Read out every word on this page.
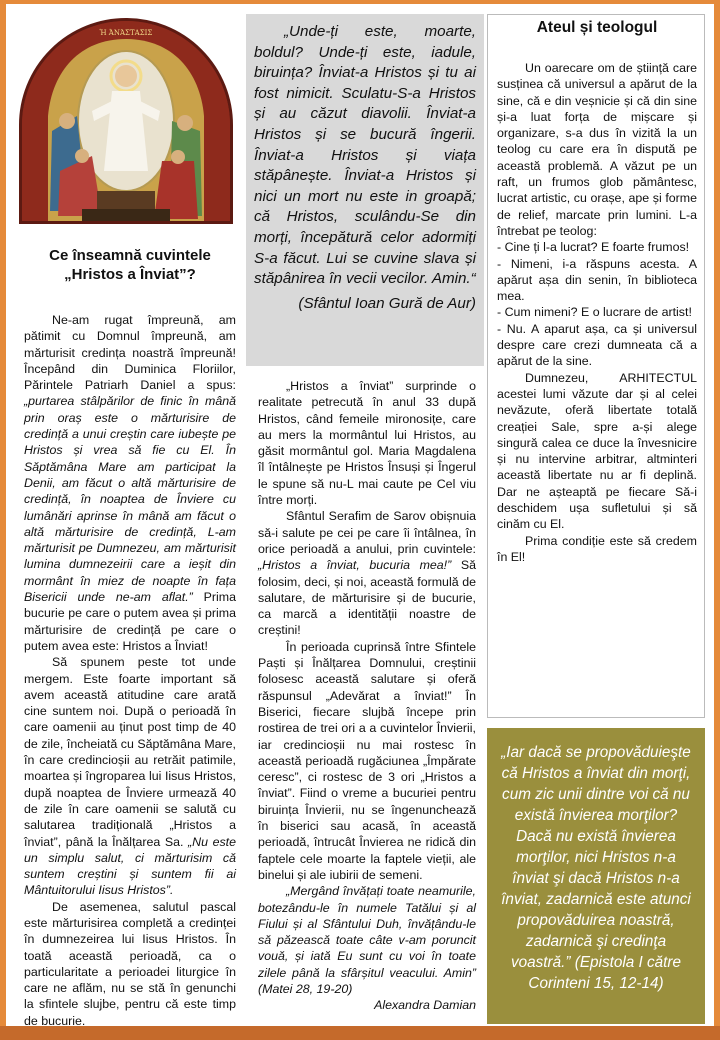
Ἡ ἈΝΆΣΤΑΣΙΣ
Ce înseamnă cuvintele
„Hristos a Înviat”?

Ne-am rugat împreună, am pătimit cu Domnul împreună, am mărturisit credința noastră împreună! Începând din Duminica Floriilor, Părintele Patriarh Daniel a spus: „purtarea stâlpărilor de finic în mână prin oraș este o mărturisire de credință a unui creștin care iubește pe Hristos și vrea să fie cu El. În Săptămâna Mare am participat la Denii, am făcut o altă mărturisire de credință, în noaptea de Înviere cu lumânări aprinse în mână am făcut o altă mărturisire de credință, L-am mărturisit pe Dumnezeu, am mărturisit lumina dumnezeirii care a ieșit din mormânt în miez de noapte în fața Bisericii unde ne-am aflat.” Prima bucurie pe care o putem avea și prima mărturisire de credință pe care o putem avea este: Hristos a Înviat!

Să spunem peste tot unde mergem. Este foarte important să avem această atitudine care arată cine suntem noi. După o perioadă în care oamenii au ținut post timp de 40 de zile, încheiată cu Săptămâna Mare, în care credincioșii au retrăit patimile, moartea și îngroparea lui Iisus Hristos, după noaptea de Înviere urmează 40 de zile în care oamenii se salută cu salutarea tradițională „Hristos a înviat”, până la Înălțarea Sa. „Nu este un simplu salut, ci mărturisim că suntem creștini și suntem fii ai Mântuitorului Iisus Hristos”.

De asemenea, salutul pascal este mărturisirea completă a credinței în dumnezeirea lui Iisus Hristos. În toată această perioadă, ca o particularitate a perioadei liturgice în care ne aflăm, nu se stă în genunchi la sfintele slujbe, pentru că este timp de bucurie.

„Unde-ți este, moarte, boldul? Unde-ți este, iadule, biruința? Înviat-a Hristos și tu ai fost nimicit. Sculatu-S-a Hristos și au căzut diavolii. Înviat-a Hristos și se bucură îngerii. Înviat-a Hristos și viața stăpânește. Înviat-a Hristos și nici un mort nu este in groapă; că Hristos, sculându-Se din morți, începătură celor adormiți S-a făcut. Lui se cuvine slava și stăpânirea în vecii vecilor. Amin.“

(Sfântul Ioan Gură de Aur)

„Hristos a înviat” surprinde o realitate petrecută în anul 33 după Hristos, când femeile mironosițe, care au mers la mormântul lui Hristos, au găsit mormântul gol. Maria Magdalena îl întâlnește pe Hristos Însuși și Îngerul le spune să nu-L mai caute pe Cel viu între morți.

Sfântul Serafim de Sarov obișnuia să-i salute pe cei pe care îi întâlnea, în orice perioadă a anului, prin cuvintele: „Hristos a înviat, bucuria mea!” Să folosim, deci, și noi, această formulă de salutare, de mărturisire și de bucurie, ca marcă a identității noastre de creștini!

În perioada cuprinsă între Sfintele Paști și Înălțarea Domnului, creștinii folosesc această salutare și oferă răspunsul „Adevărat a înviat!” În Biserici, fiecare slujbă începe prin rostirea de trei ori a a cuvintelor Învierii, iar credincioșii nu mai rostesc în această perioadă rugăciunea „Împărate ceresc”, ci rostesc de 3 ori „Hristos a înviat”. Fiind o vreme a bucuriei pentru biruința Învierii, nu se îngenunchează în biserici sau acasă, în această perioadă, întrucât Învierea ne ridică din faptele cele moarte la faptele vieții, ale binelui și ale iubirii de semeni.

„Mergând învățați toate neamurile, botezându-le în numele Tatălui și al Fiului și al Sfântului Duh, învățându-le să păzească toate câte v-am poruncit vouă, și iată Eu sunt cu voi în toate zilele până la sfârșitul veacului. Amin” (Matei 28, 19-20)

Alexandra Damian

Ateul și teologul

Un oarecare om de știință care susținea că universul a apărut de la sine, că e din veșnicie și că din sine și-a luat forța de mișcare și organizare, s-a dus în vizită la un teolog cu care era în dispută pe această problemă. A văzut pe un raft, un frumos glob pământesc, lucrat artistic, cu orașe, ape și forme de relief, marcate prin lumini. L-a întrebat pe teolog:

- Cine ți l-a lucrat? E foarte frumos!

- Nimeni, i-a răspuns acesta. A apărut așa din senin, în biblioteca mea.

- Cum nimeni? E o lucrare de artist!

- Nu. A aparut așa, ca și universul despre care crezi dumneata că a apărut de la sine.

Dumnezeu, ARHITECTUL acestei lumi văzute dar și al celei nevăzute, oferă libertate totală creației Sale, spre a-și alege singură calea ce duce la învesnicire și nu intervine arbitrar, altminteri această libertate nu ar fi deplină. Dar ne așteaptă pe fiecare Să-i deschidem ușa sufletului și să cinăm cu El.

Prima condiție este să credem în El!

„Iar dacă se propovăduieşte că Hristos a înviat din morţi, cum zic unii dintre voi că nu există învierea morţilor? Dacă nu există învierea morţilor, nici Hristos n-a înviat şi dacă Hristos n-a înviat, zadarnică este atunci propovăduirea noastră, zadarnică şi credinţa voastră.” (Epistola I către Corinteni 15, 12-14)
